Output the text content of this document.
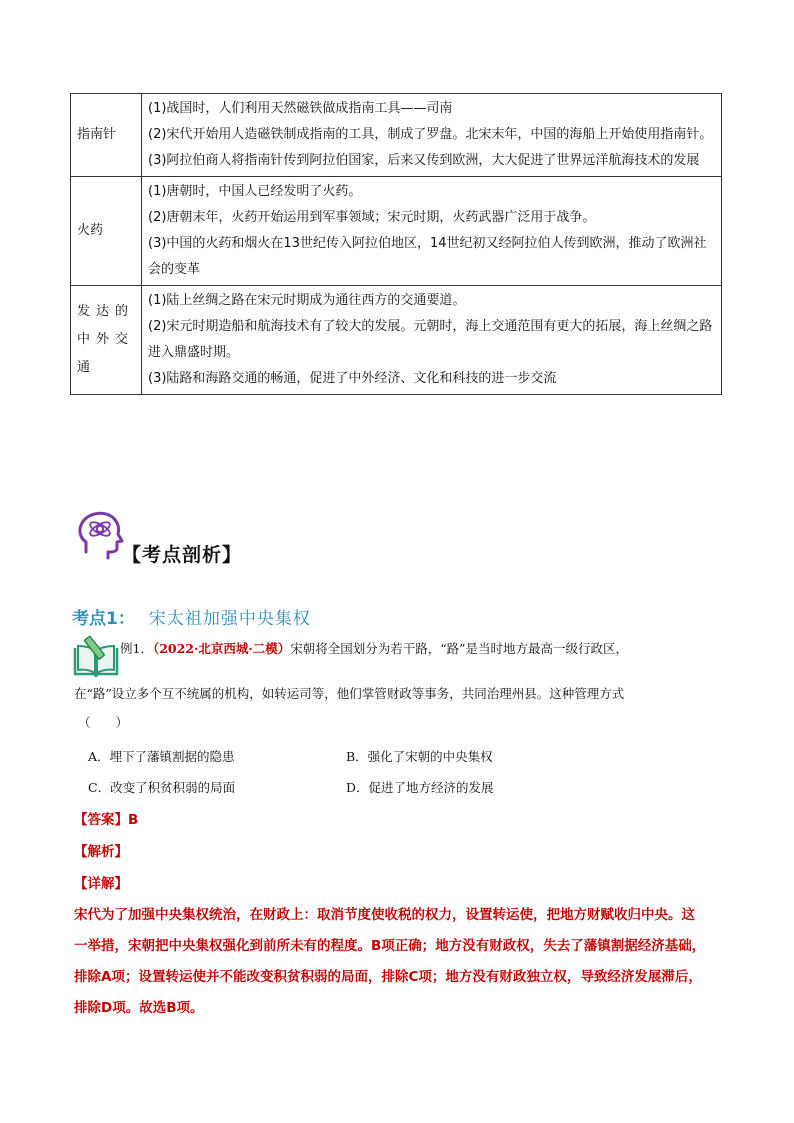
指南针	(1)战国时，人们利用天然磁铁做成指南工具——司南

(2)宋代开始用人造磁铁制成指南的工具，制成了罗盘。北宋末年，中国的海船上开始使用指南针。

(3)阿拉伯商人将指南针传到阿拉伯国家，后来又传到欧洲，大大促进了世界远洋航海技术的发展

火药	(1)唐朝时，中国人已经发明了火药。

(2)唐朝末年，火药开始运用到军事领域；宋元时期，火药武器广泛用于战争。

(3)中国的火药和烟火在13世纪传入阿拉伯地区，14世纪初又经阿拉伯人传到欧洲，推动了欧洲社会的变革

发达的中外交通	(1)陆上丝绸之路在宋元时期成为通往西方的交通要道。

(2)宋元时期造船和航海技术有了较大的发展。元朝时，海上交通范围有更大的拓展，海上丝绸之路进入鼎盛时期。

(3)陆路和海路交通的畅通，促进了中外经济、文化和科技的进一步交流

【考点剖析】
考点1： 宋太祖加强中央集权
例1．（2022·北京西城·二模）宋朝将全国划分为若干路，“路”是当时地方最高一级行政区，
在“路”设立多个互不统属的机构，如转运司等，他们掌管财政等事务，共同治理州县。这种管理方式
（　　）
A．埋下了藩镇割据的隐患	B．强化了宋朝的中央集权
C．改变了积贫积弱的局面	D．促进了地方经济的发展
【答案】B
【解析】
【详解】

宋代为了加强中央集权统治，在财政上：取消节度使收税的权力，设置转运使，把地方财赋收归中央。这

一举措，宋朝把中央集权强化到前所未有的程度。B项正确；地方没有财政权，失去了藩镇割据经济基础，

排除A项；设置转运使并不能改变积贫积弱的局面，排除C项；地方没有财政独立权，导致经济发展滞后，

排除D项。故选B项。
